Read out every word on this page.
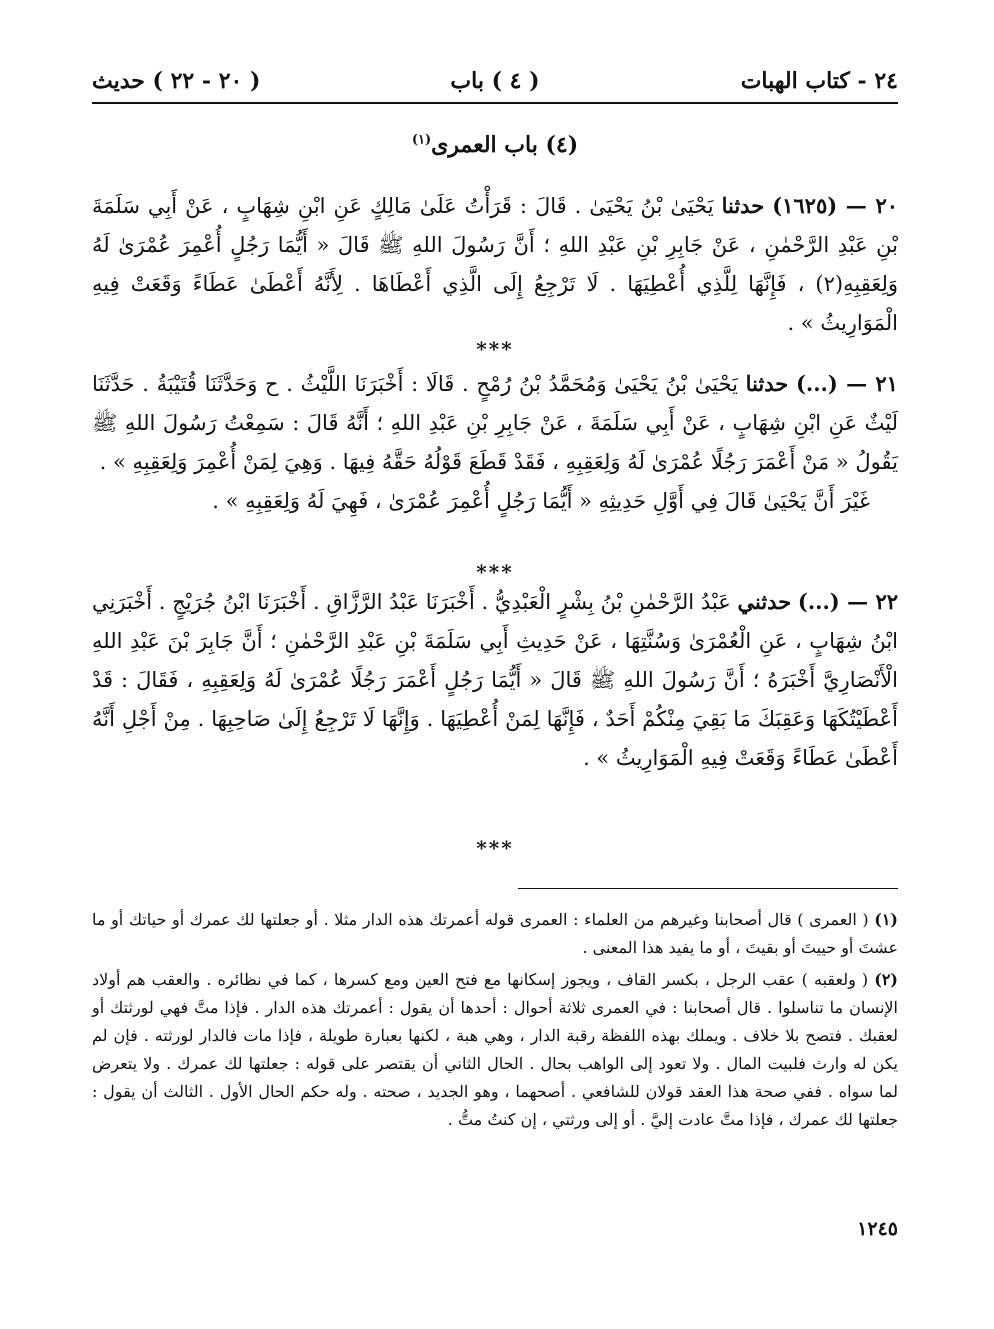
٢٤ - كتاب الهبات
( ٤ ) باب
( ٢٠ - ٢٢ ) حديث
(٤) باب العمرى$^{(١)}$

٢٠ — (١٦٢٥) حدثنا يَحْيَىٰ بْنُ يَحْيَىٰ . قَالَ : قَرَأْتُ عَلَىٰ مَالِكٍ عَنِ ابْنِ شِهَابٍ ، عَنْ أَبِي سَلَمَةَ بْنِ عَبْدِ الرَّحْمٰنِ ، عَنْ جَابِرِ بْنِ عَبْدِ اللهِ ؛ أَنَّ رَسُولَ اللهِ ﷺ قَالَ « أَيُّمَا رَجُلٍ أُعْمِرَ عُمْرَىٰ لَهُ وَلِعَقِبِهِ(٢) ، فَإِنَّهَا لِلَّذِي أُعْطِيَهَا . لَا تَرْجِعُ إِلَى الَّذِي أَعْطَاهَا . لِأَنَّهُ أَعْطَىٰ عَطَاءً وَقَعَتْ فِيهِ الْمَوَارِيثُ » .

***

٢١ — (...) حدثنا يَحْيَىٰ بْنُ يَحْيَىٰ وَمُحَمَّدُ بْنُ رُمْحٍ . قَالَا : أَخْبَرَنَا اللَّيْثُ . ح وَحَدَّثَنَا قُتَيْبَةُ . حَدَّثَنَا لَيْثٌ عَنِ ابْنِ شِهَابٍ ، عَنْ أَبِي سَلَمَةَ ، عَنْ جَابِرِ بْنِ عَبْدِ اللهِ ؛ أَنَّهُ قَالَ : سَمِعْتُ رَسُولَ اللهِ ﷺ يَقُولُ « مَنْ أَعْمَرَ رَجُلًا عُمْرَىٰ لَهُ وَلِعَقِبِهِ ، فَقَدْ قَطَعَ قَوْلُهُ حَقَّهُ فِيهَا . وَهِيَ لِمَنْ أُعْمِرَ وَلِعَقِبِهِ » .

غَيْرَ أَنَّ يَحْيَىٰ قَالَ فِي أَوَّلِ حَدِيثِهِ « أَيُّمَا رَجُلٍ أُعْمِرَ عُمْرَىٰ ، فَهِيَ لَهُ وَلِعَقِبِهِ » .

***

٢٢ — (...) حدثني عَبْدُ الرَّحْمٰنِ بْنُ بِشْرٍ الْعَبْدِيُّ . أَخْبَرَنَا عَبْدُ الرَّزَّاقِ . أَخْبَرَنَا ابْنُ جُرَيْجٍ . أَخْبَرَنِي ابْنُ شِهَابٍ ، عَنِ الْعُمْرَىٰ وَسُنَّتِهَا ، عَنْ حَدِيثِ أَبِي سَلَمَةَ بْنِ عَبْدِ الرَّحْمٰنِ ؛ أَنَّ جَابِرَ بْنَ عَبْدِ اللهِ الْأَنْصَارِيَّ أَخْبَرَهُ ؛ أَنَّ رَسُولَ اللهِ ﷺ قَالَ « أَيُّمَا رَجُلٍ أَعْمَرَ رَجُلًا عُمْرَىٰ لَهُ وَلِعَقِبِهِ ، فَقَالَ : قَدْ أَعْطَيْتُكَهَا وَعَقِبَكَ مَا بَقِيَ مِنْكُمْ أَحَدٌ ، فَإِنَّهَا لِمَنْ أُعْطِيَهَا . وَإِنَّهَا لَا تَرْجِعُ إِلَىٰ صَاحِبِهَا . مِنْ أَجْلِ أَنَّهُ أَعْطَىٰ عَطَاءً وَقَعَتْ فِيهِ الْمَوَارِيثُ » .

***

(١) ( العمرى ) قال أصحابنا وغيرهم من العلماء : العمرى قوله أعمرتك هذه الدار مثلا . أو جعلتها لك عمرك أو حياتك أو ما عشتَ أو حييتَ أو بقيتَ ، أو ما يفيد هذا المعنى .

(٢) ( ولعقبه ) عقب الرجل ، بكسر القاف ، ويجوز إسكانها مع فتح العين ومع كسرها ، كما في نظائره . والعقب هم أولاد الإنسان ما تناسلوا . قال أصحابنا : في العمرى ثلاثة أحوال : أحدها أن يقول : أعمرتك هذه الدار . فإذا متَّ فهي لورثتك أو لعقبك . فتصح بلا خلاف . ويملك بهذه اللفظة رقبة الدار ، وهي هبة ، لكنها بعبارة طويلة ، فإذا مات فالدار لورثته . فإن لم يكن له وارث فلبيت المال . ولا تعود إلى الواهب بحال . الحال الثاني أن يقتصر على قوله : جعلتها لك عمرك . ولا يتعرض لما سواه . ففي صحة هذا العقد قولان للشافعي . أصحهما ، وهو الجديد ، صحته . وله حكم الحال الأول . الثالث أن يقول : جعلتها لك عمرك ، فإذا متَّ عادت إليَّ . أو إلى ورثتي ، إن كنتُ متُّ .

١٢٤٥
